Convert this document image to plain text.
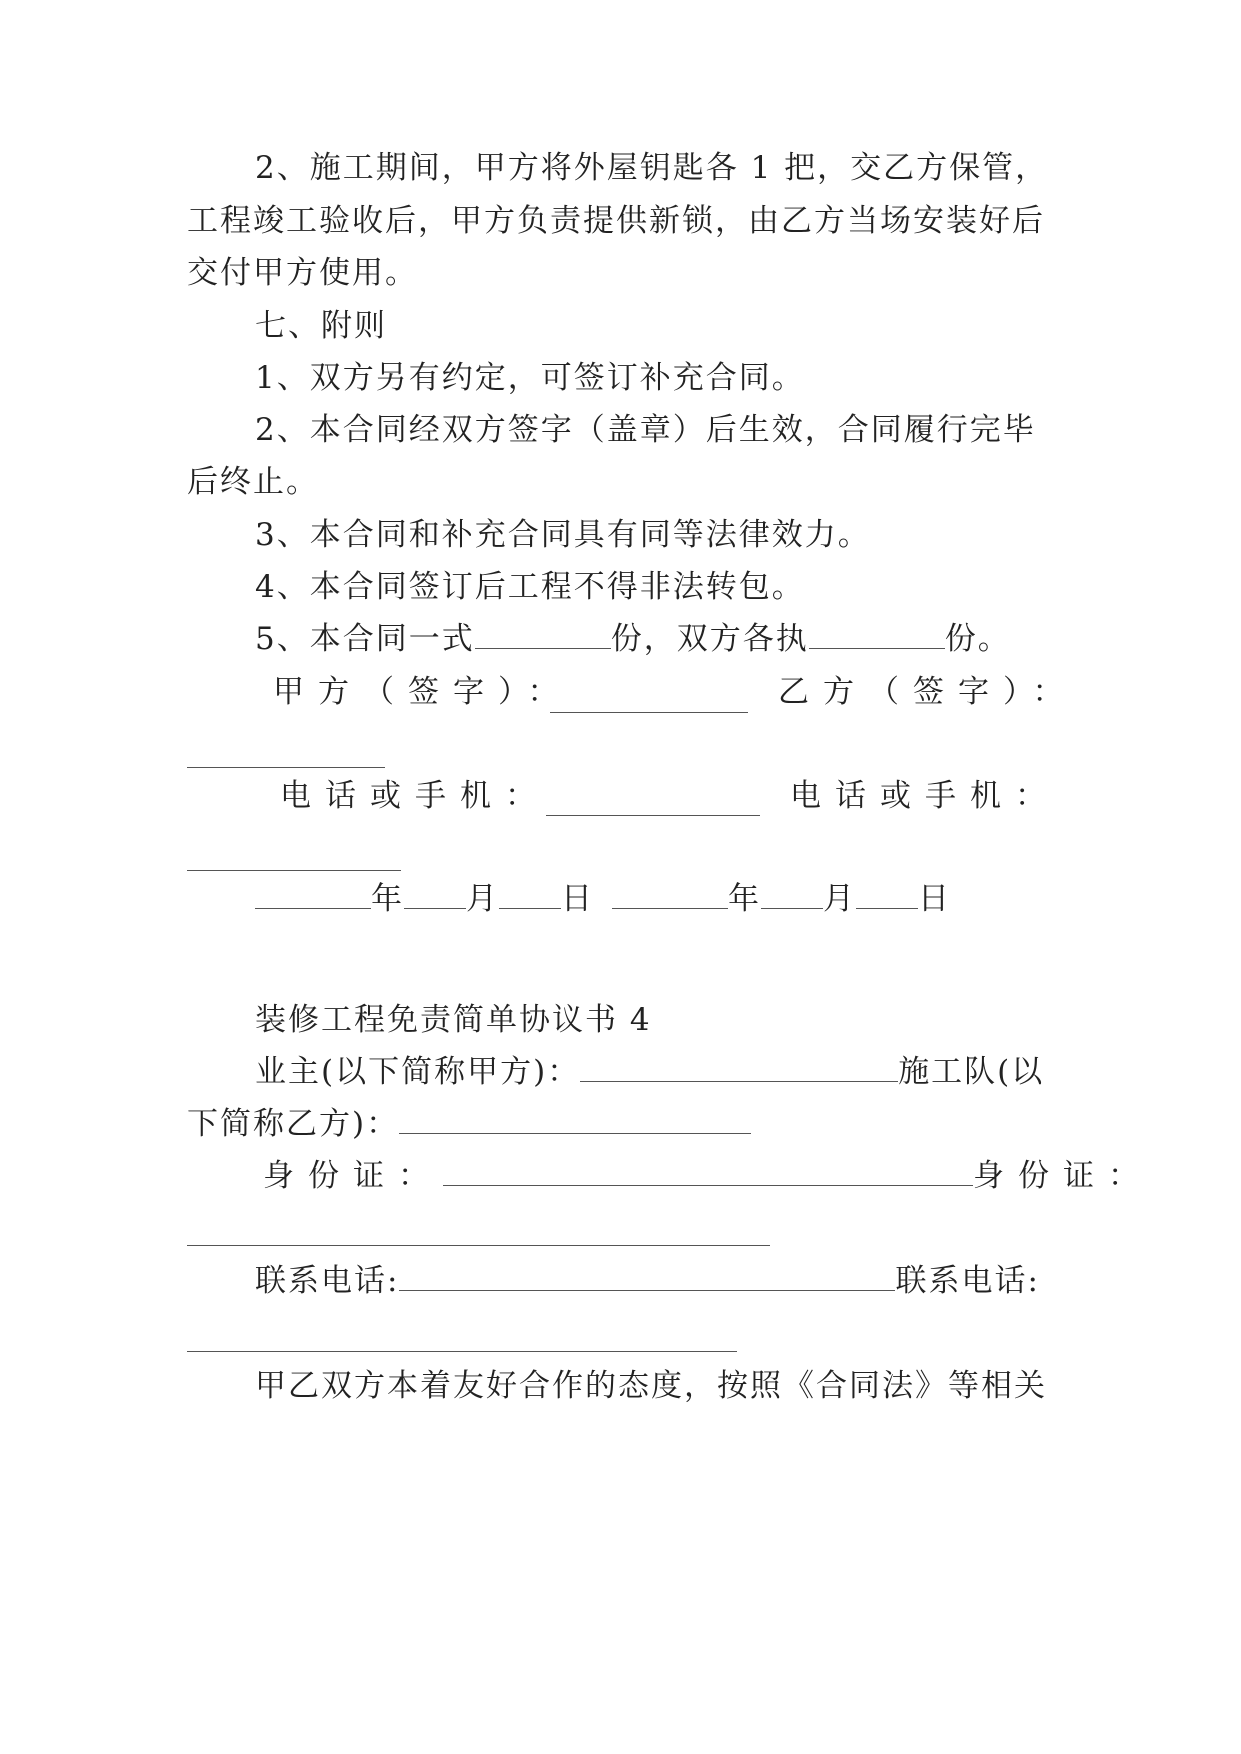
2、施工期间，甲方将外屋钥匙各 1 把，交乙方保管，
工程竣工验收后，甲方负责提供新锁，由乙方当场安装好后
交付甲方使用。
七、附则
1、双方另有约定，可签订补充合同。
2、本合同经双方签字（盖章）后生效，合同履行完毕
后终止。
3、本合同和补充合同具有同等法律效力。
4、本合同签订后工程不得非法转包。
5、本合同一式	份，双方各执	份。
甲方（签字）：	乙方（签字）：
电话或手机：	电话或手机：
年 月 日	年 月 日
装修工程免责简单协议书 4
业主(以下简称甲方)：	施工队(以
下简称乙方)：
身份证：	身份证：
联系电话:	联系电话:
甲乙双方本着友好合作的态度，按照《合同法》等相关
